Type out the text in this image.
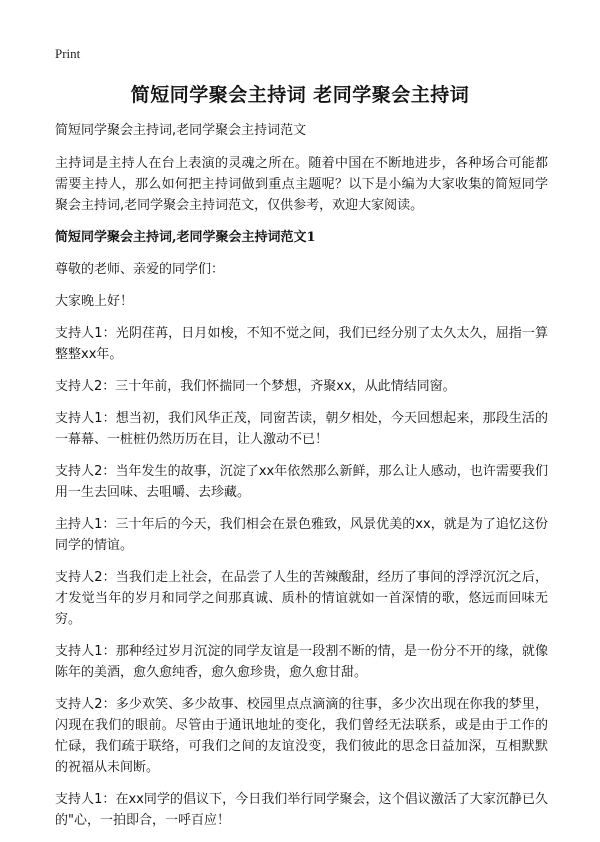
Print
简短同学聚会主持词 老同学聚会主持词

简短同学聚会主持词,老同学聚会主持词范文

主持词是主持人在台上表演的灵魂之所在。随着中国在不断地进步，各种场合可能都需要主持人，那么如何把主持词做到重点主题呢？以下是小编为大家收集的简短同学聚会主持词,老同学聚会主持词范文，仅供参考，欢迎大家阅读。

简短同学聚会主持词,老同学聚会主持词范文1

尊敬的老师、亲爱的同学们：

大家晚上好！

支持人1：光阴荏苒，日月如梭，不知不觉之间，我们已经分别了太久太久，屈指一算整整xx年。

支持人2：三十年前，我们怀揣同一个梦想，齐聚xx，从此情结同窗。

支持人1：想当初，我们风华正茂，同窗苦读，朝夕相处，今天回想起来，那段生活的一幕幕、一桩桩仍然历历在目，让人激动不已！

支持人2：当年发生的故事，沉淀了xx年依然那么新鲜，那么让人感动，也许需要我们用一生去回味、去咀嚼、去珍藏。

主持人1：三十年后的今天，我们相会在景色雅致，风景优美的xx，就是为了追忆这份同学的情谊。

支持人2：当我们走上社会，在品尝了人生的苦辣酸甜，经历了事间的浮浮沉沉之后，才发觉当年的岁月和同学之间那真诚、质朴的情谊就如一首深情的歌，悠远而回味无穷。

支持人1：那种经过岁月沉淀的同学友谊是一段割不断的情，是一份分不开的缘，就像陈年的美酒，愈久愈纯香，愈久愈珍贵，愈久愈甘甜。

支持人2：多少欢笑、多少故事、校园里点点滴滴的往事，多少次出现在你我的梦里，闪现在我们的眼前。尽管由于通讯地址的变化，我们曾经无法联系，或是由于工作的忙碌，我们疏于联络，可我们之间的友谊没变，我们彼此的思念日益加深，互相默默的祝福从未间断。

支持人1：在xx同学的倡议下，今日我们举行同学聚会，这个倡议激活了大家沉静已久的"心，一拍即合，一呼百应！
